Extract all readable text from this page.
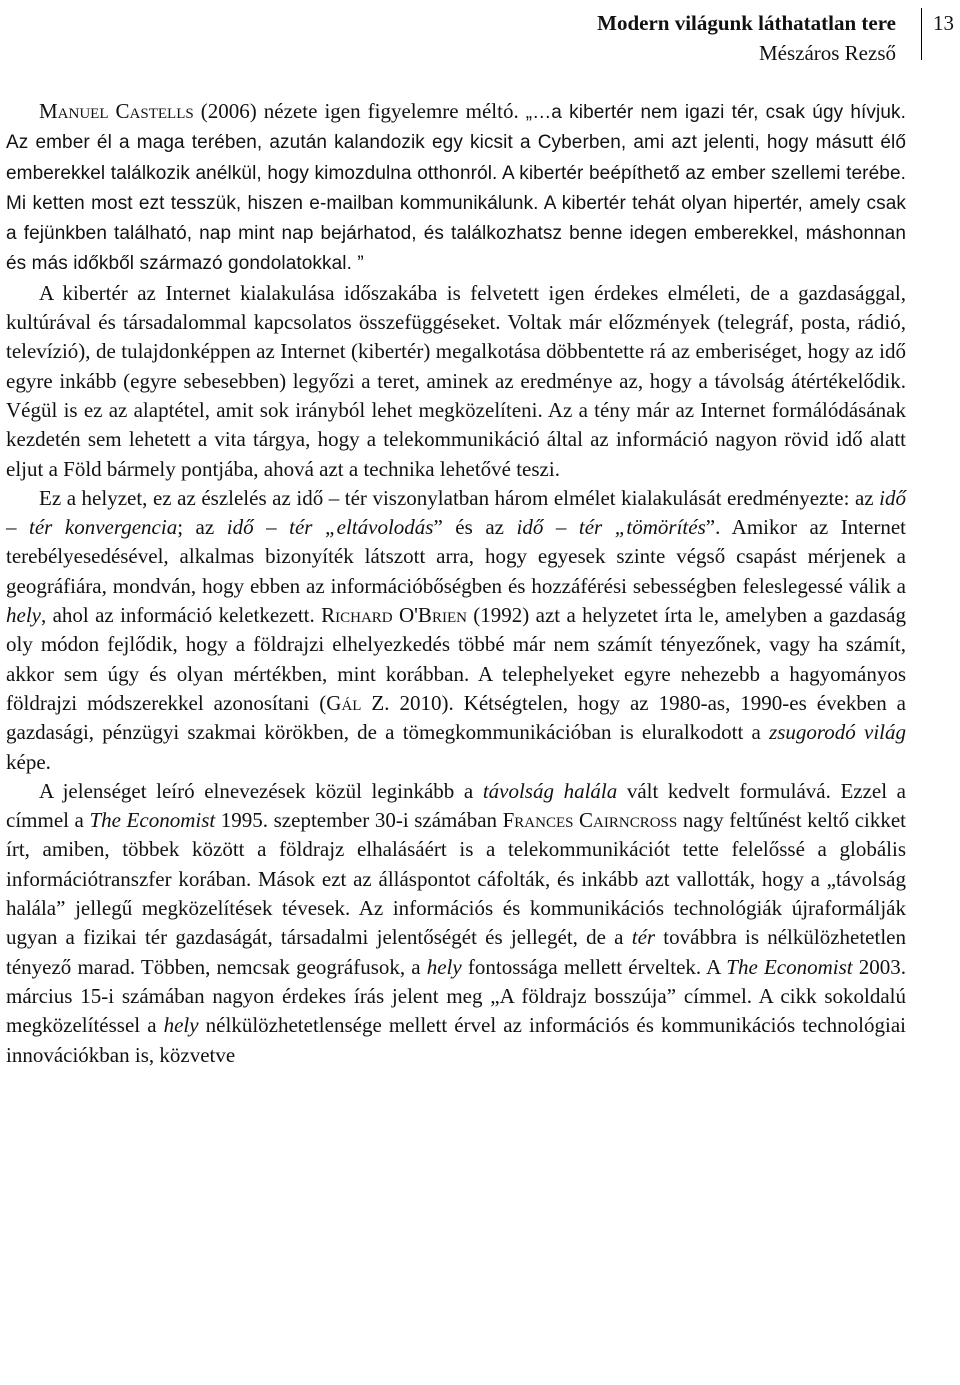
Modern világunk láthatatlan tere
Mészáros Rezső
13

Manuel Castells (2006) nézete igen figyelemre méltó. „…a kibertér nem igazi tér, csak úgy hívjuk. Az ember él a maga terében, azután kalandozik egy kicsit a Cyberben, ami azt jelenti, hogy másutt élő emberekkel találkozik anélkül, hogy kimozdulna otthonról. A kibertér beépíthető az ember szellemi terébe. Mi ketten most ezt tesszük, hiszen e-mailban kommunikálunk. A kibertér tehát olyan hipertér, amely csak a fejünkben található, nap mint nap bejárhatod, és találkozhatsz benne idegen emberekkel, máshonnan és más időkből származó gondolatokkal. ”

A kibertér az Internet kialakulása időszakába is felvetett igen érdekes elméleti, de a gazdasággal, kultúrával és társadalommal kapcsolatos összefüggéseket. Voltak már előzmények (telegráf, posta, rádió, televízió), de tulajdonképpen az Internet (kibertér) megalkotása döbbentette rá az emberiséget, hogy az idő egyre inkább (egyre sebesebben) legyőzi a teret, aminek az eredménye az, hogy a távolság átértékelődik. Végül is ez az alaptétel, amit sok irányból lehet megközelíteni. Az a tény már az Internet formálódásának kezdetén sem lehetett a vita tárgya, hogy a telekommunikáció által az információ nagyon rövid idő alatt eljut a Föld bármely pontjába, ahová azt a technika lehetővé teszi.

Ez a helyzet, ez az észlelés az idő – tér viszonylatban három elmélet kialakulását eredményezte: az idő – tér konvergencia; az idő – tér „eltávolodás” és az idő – tér „tömörítés”. Amikor az Internet terebélyesedésével, alkalmas bizonyíték látszott arra, hogy egyesek szinte végső csapást mérjenek a geográfiára, mondván, hogy ebben az információbőségben és hozzáférési sebességben feleslegessé válik a hely, ahol az információ keletkezett. Richard O'Brien (1992) azt a helyzetet írta le, amelyben a gazdaság oly módon fejlődik, hogy a földrajzi elhelyezkedés többé már nem számít tényezőnek, vagy ha számít, akkor sem úgy és olyan mértékben, mint korábban. A telephelyeket egyre nehezebb a hagyományos földrajzi módszerekkel azonosítani (Gál Z. 2010). Kétségtelen, hogy az 1980-as, 1990-es években a gazdasági, pénzügyi szakmai körökben, de a tömegkommunikációban is eluralkodott a zsugorodó világ képe.

A jelenséget leíró elnevezések közül leginkább a távolság halála vált kedvelt formulává. Ezzel a címmel a The Economist 1995. szeptember 30-i számában Frances Cairncross nagy feltűnést keltő cikket írt, amiben, többek között a földrajz elhalásáért is a telekommunikációt tette felelőssé a globális információtranszfer korában. Mások ezt az álláspontot cáfolták, és inkább azt vallották, hogy a „távolság halála” jellegű megközelítések tévesek. Az információs és kommunikációs technológiák újraformálják ugyan a fizikai tér gazdaságát, társadalmi jelentőségét és jellegét, de a tér továbbra is nélkülözhetetlen tényező marad. Többen, nemcsak geográfusok, a hely fontossága mellett érveltek. A The Economist 2003. március 15-i számában nagyon érdekes írás jelent meg „A földrajz bosszúja” címmel. A cikk sokoldalú megközelítéssel a hely nélkülözhetetlensége mellett érvel az információs és kommunikációs technológiai innovációkban is, közvetve
